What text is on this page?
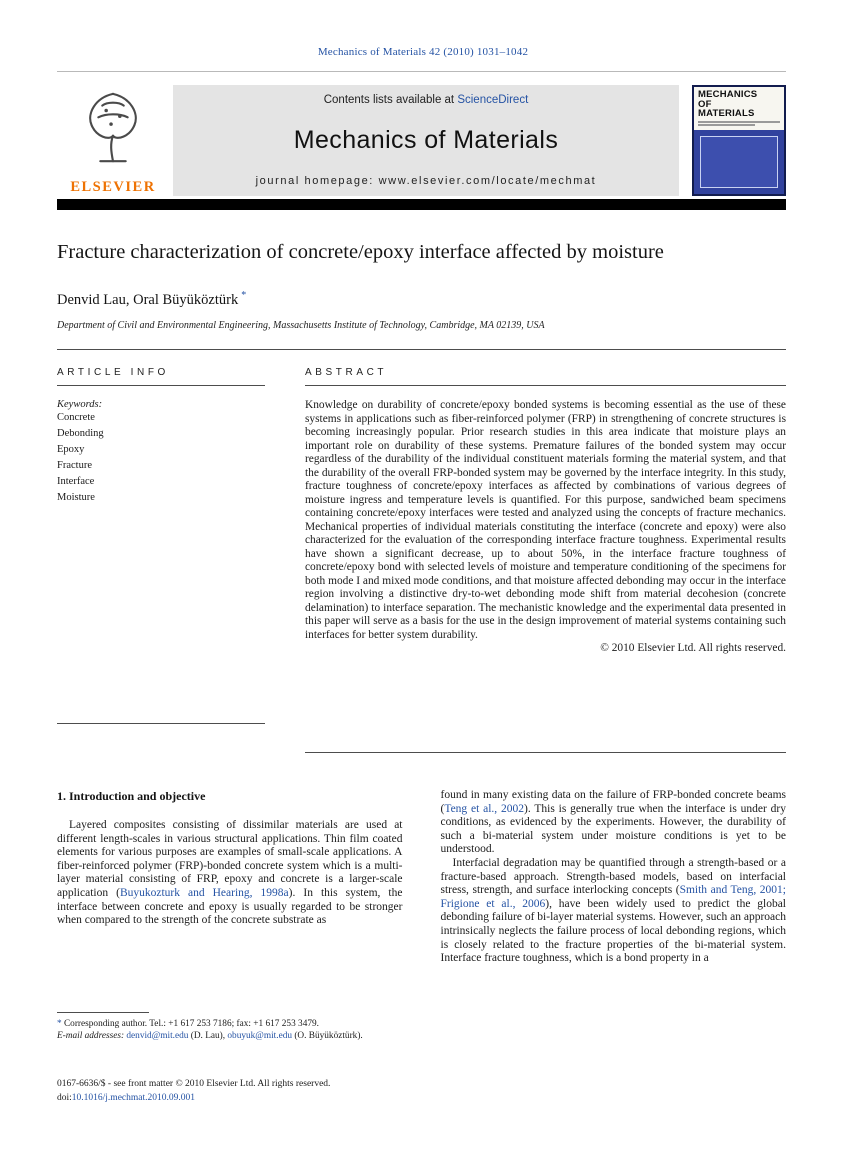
Mechanics of Materials 42 (2010) 1031–1042
ELSEVIER
Contents lists available at ScienceDirect
Mechanics of Materials
journal homepage: www.elsevier.com/locate/mechmat
MECHANICS
OF
MATERIALS
Fracture characterization of concrete/epoxy interface affected by moisture
Denvid Lau, Oral Büyüköztürk *
Department of Civil and Environmental Engineering, Massachusetts Institute of Technology, Cambridge, MA 02139, USA
ARTICLE INFO
Keywords:
Concrete
Debonding
Epoxy
Fracture
Interface
Moisture
ABSTRACT

Knowledge on durability of concrete/epoxy bonded systems is becoming essential as the use of these systems in applications such as fiber-reinforced polymer (FRP) in strengthening of concrete structures is becoming increasingly popular. Prior research studies in this area indicate that moisture plays an important role on durability of these systems. Premature failures of the bonded system may occur regardless of the durability of the individual constituent materials forming the material system, and that the durability of the overall FRP-bonded system may be governed by the interface integrity. In this study, fracture toughness of concrete/epoxy interfaces as affected by combinations of various degrees of moisture ingress and temperature levels is quantified. For this purpose, sandwiched beam specimens containing concrete/epoxy interfaces were tested and analyzed using the concepts of fracture mechanics. Mechanical properties of individual materials constituting the interface (concrete and epoxy) were also characterized for the evaluation of the corresponding interface fracture toughness. Experimental results have shown a significant decrease, up to about 50%, in the interface fracture toughness of concrete/epoxy bond with selected levels of moisture and temperature conditioning of the specimens for both mode I and mixed mode conditions, and that moisture affected debonding may occur in the interface region involving a distinctive dry-to-wet debonding mode shift from material decohesion (concrete delamination) to interface separation. The mechanistic knowledge and the experimental data presented in this paper will serve as a basis for the use in the design improvement of material systems containing such interfaces for better system durability.

© 2010 Elsevier Ltd. All rights reserved.
1. Introduction and objective

Layered composites consisting of dissimilar materials are used at different length-scales in various structural applications. Thin film coated elements for various purposes are examples of small-scale applications. A fiber-reinforced polymer (FRP)-bonded concrete system which is a multi-layer material consisting of FRP, epoxy and concrete is a larger-scale application (Buyukozturk and Hearing, 1998a). In this system, the interface between concrete and epoxy is usually regarded to be stronger when compared to the strength of the concrete substrate as

found in many existing data on the failure of FRP-bonded concrete beams (Teng et al., 2002). This is generally true when the interface is under dry conditions, as evidenced by the experiments. However, the durability of such a bi-material system under moisture conditions is yet to be understood.

Interfacial degradation may be quantified through a strength-based or a fracture-based approach. Strength-based models, based on interfacial stress, strength, and surface interlocking concepts (Smith and Teng, 2001; Frigione et al., 2006), have been widely used to predict the global debonding failure of bi-layer material systems. However, such an approach intrinsically neglects the failure process of local debonding regions, which is closely related to the fracture properties of the bi-material system. Interface fracture toughness, which is a bond property in a

* Corresponding author. Tel.: +1 617 253 7186; fax: +1 617 253 3479.
E-mail addresses: denvid@mit.edu (D. Lau), obuyuk@mit.edu (O. Büyüköztürk).
0167-6636/$ - see front matter © 2010 Elsevier Ltd. All rights reserved.
doi:10.1016/j.mechmat.2010.09.001
